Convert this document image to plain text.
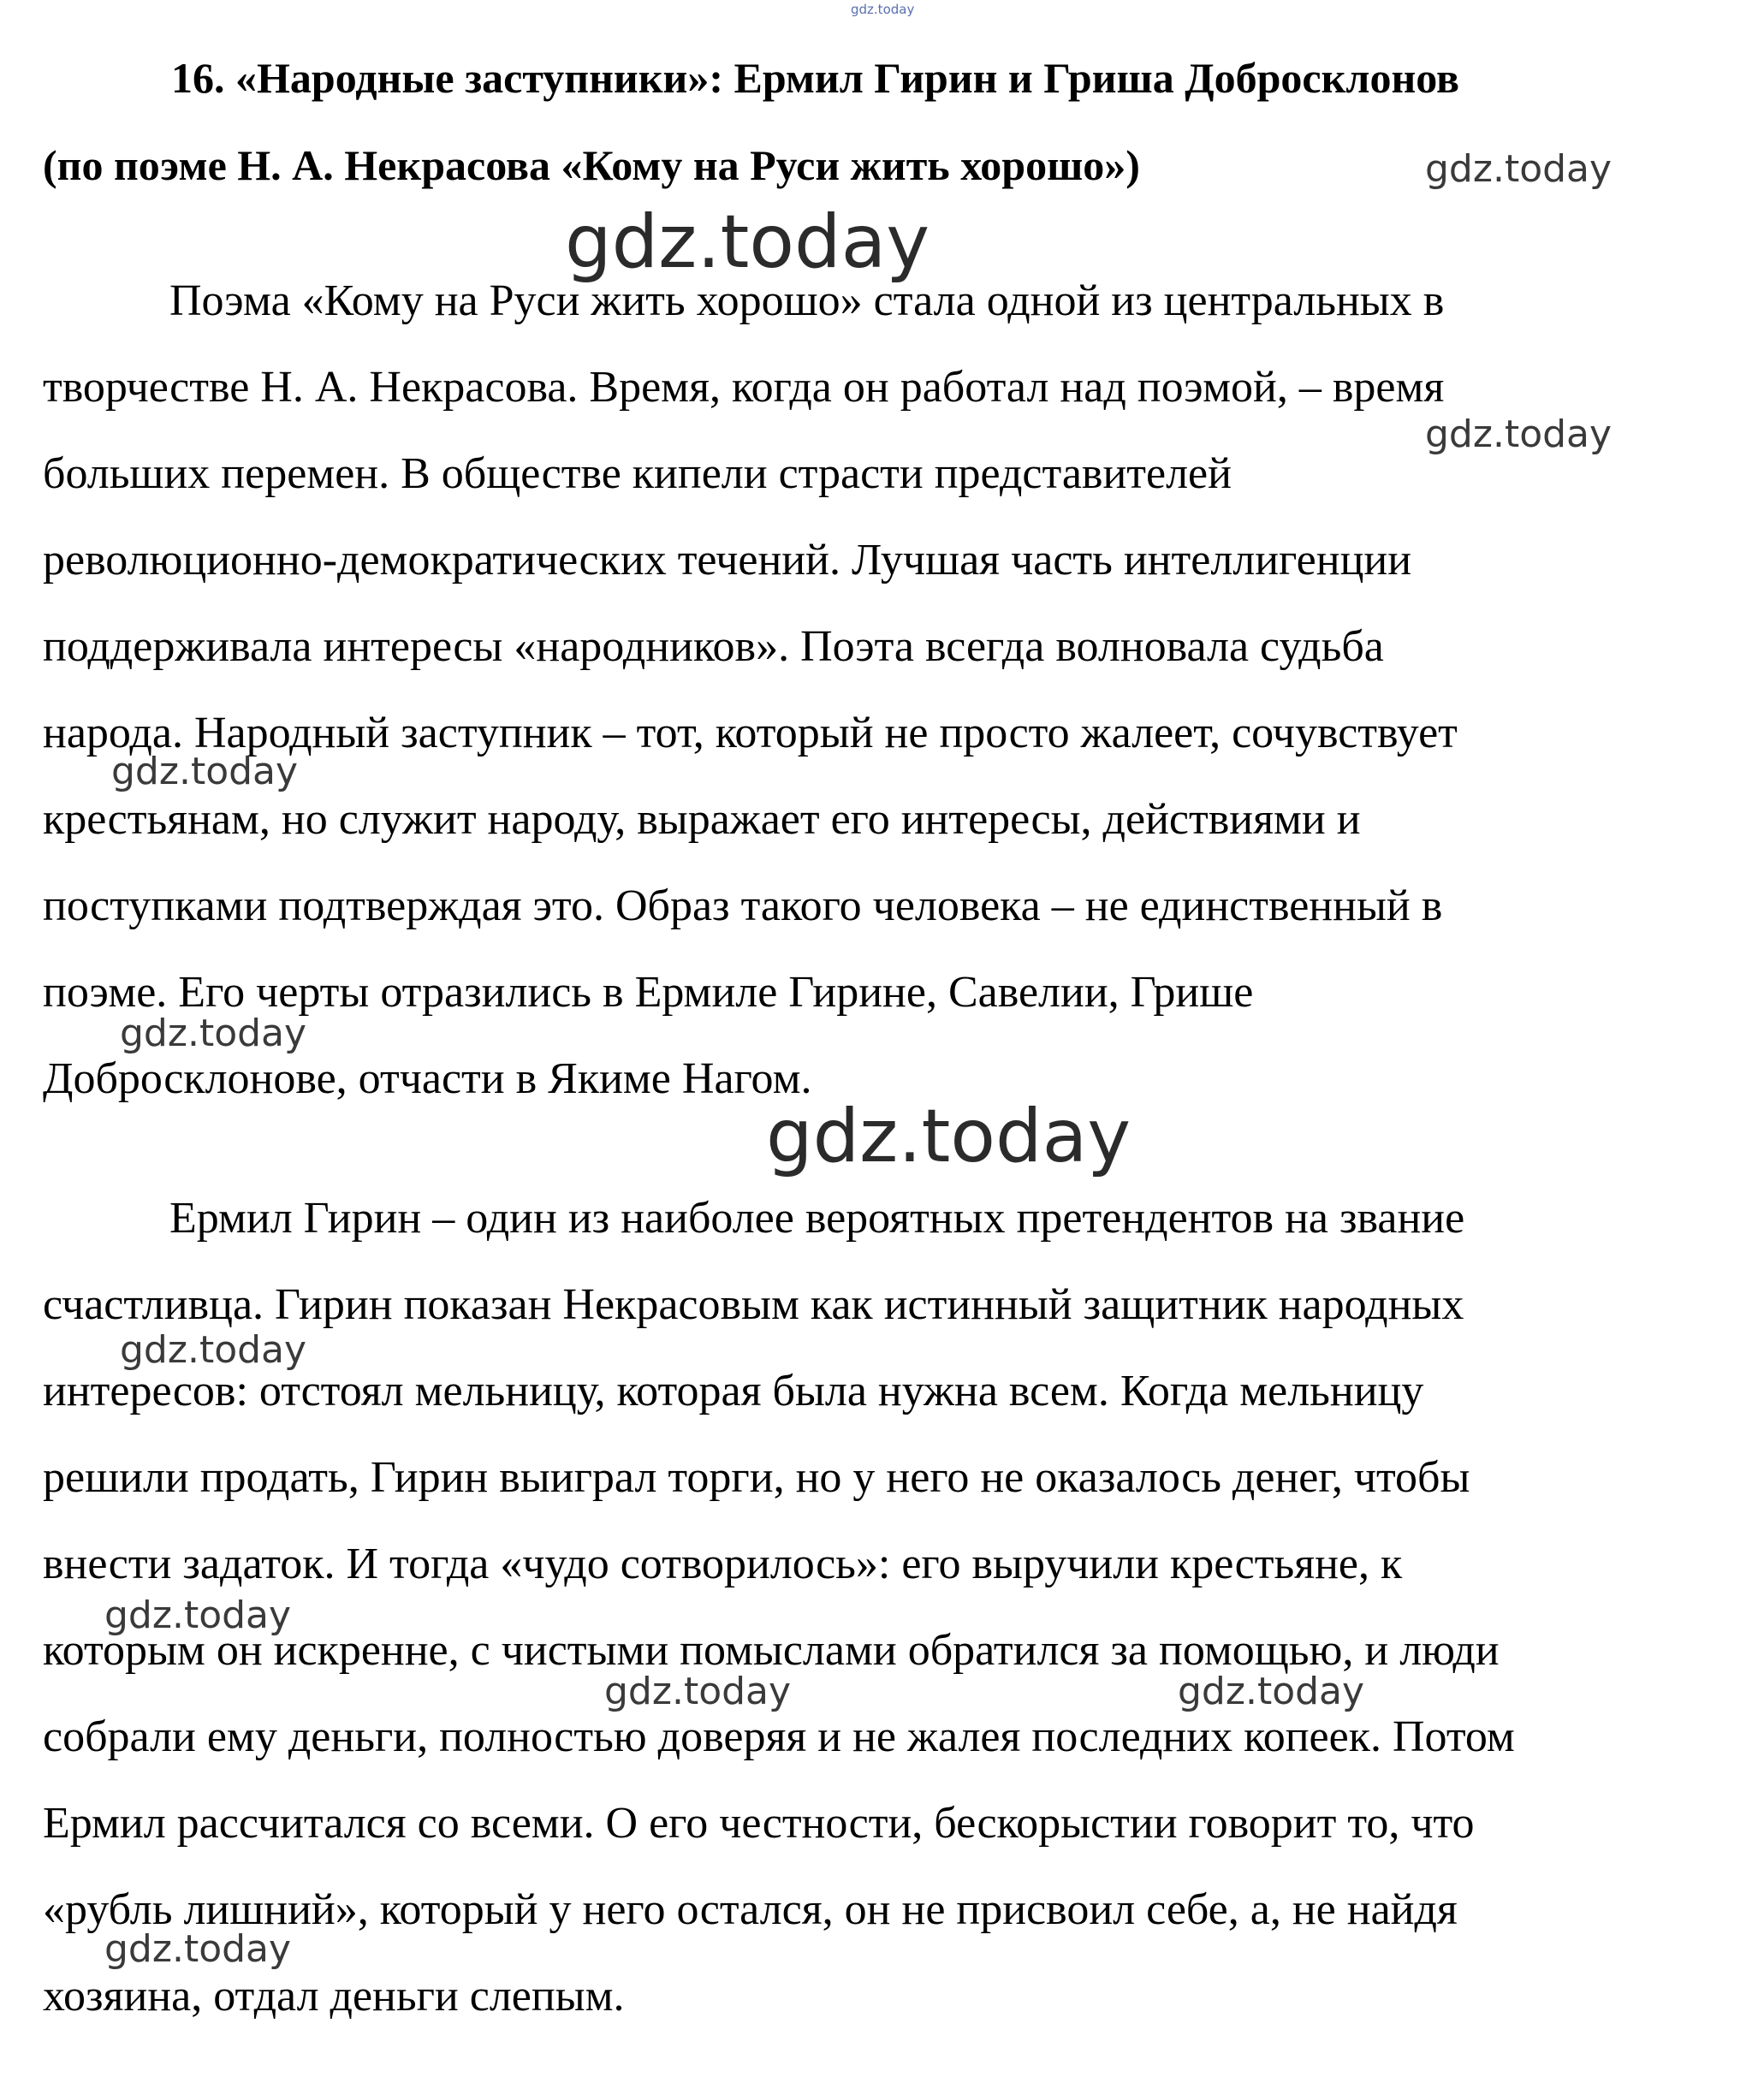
gdz.today
16. «Народные заступники»: Ермил Гирин и Гриша Добросклонов
(по поэме Н. А. Некрасова «Кому на Руси жить хорошо»)
Поэма «Кому на Руси жить хорошо» стала одной из центральных в
творчестве Н. А. Некрасова. Время, когда он работал над поэмой, – время
больших перемен. В обществе кипели страсти представителей
революционно-демократических течений. Лучшая часть интеллигенции
поддерживала интересы «народников». Поэта всегда волновала судьба
народа. Народный заступник – тот, который не просто жалеет, сочувствует
крестьянам, но служит народу, выражает его интересы, действиями и
поступками подтверждая это. Образ такого человека – не единственный в
поэме. Его черты отразились в Ермиле Гирине, Савелии, Грише
Добросклонове, отчасти в Якиме Нагом.
Ермил Гирин – один из наиболее вероятных претендентов на звание
счастливца. Гирин показан Некрасовым как истинный защитник народных
интересов: отстоял мельницу, которая была нужна всем. Когда мельницу
решили продать, Гирин выиграл торги, но у него не оказалось денег, чтобы
внести задаток. И тогда «чудо сотворилось»: его выручили крестьяне, к
которым он искренне, с чистыми помыслами обратился за помощью, и люди
собрали ему деньги, полностью доверяя и не жалея последних копеек. Потом
Ермил рассчитался со всеми. О его честности, бескорыстии говорит то, что
«рубль лишний», который у него остался, он не присвоил себе, а, не найдя
хозяина, отдал деньги слепым.
gdz.today
gdz.today
gdz.today
gdz.today
gdz.today
gdz.today
gdz.today
gdz.today
gdz.today	gdz.today
gdz.today
